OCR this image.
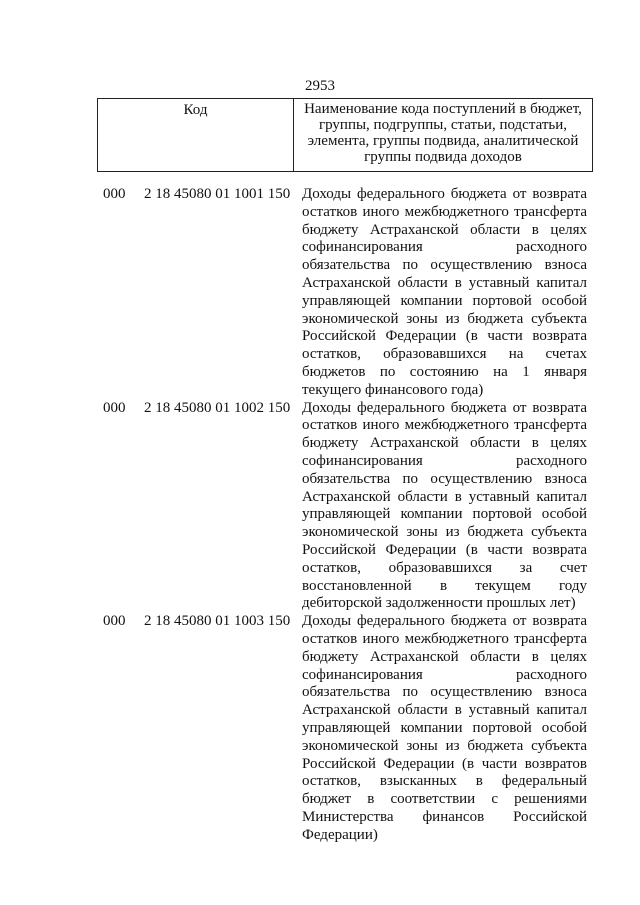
2953
Код	Наименование кода поступлений в бюджет, группы, подгруппы, статьи, подстатьи, элемента, группы подвида, аналитической группы подвида доходов
000 2 18 45080 01 1001 150 Доходы федерального бюджета от возврата остатков иного межбюджетного трансферта бюджету Астраханской области в целях софинансирования расходного обязательства по осуществлению взноса Астраханской области в уставный капитал управляющей компании портовой особой экономической зоны из бюджета субъекта Российской Федерации (в части возврата остатков, образовавшихся на счетах бюджетов по состоянию на 1 января текущего финансового года)
000 2 18 45080 01 1002 150 Доходы федерального бюджета от возврата остатков иного межбюджетного трансферта бюджету Астраханской области в целях софинансирования расходного обязательства по осуществлению взноса Астраханской области в уставный капитал управляющей компании портовой особой экономической зоны из бюджета субъекта Российской Федерации (в части возврата остатков, образовавшихся за счет восстановленной в текущем году дебиторской задолженности прошлых лет)
000 2 18 45080 01 1003 150 Доходы федерального бюджета от возврата остатков иного межбюджетного трансферта бюджету Астраханской области в целях софинансирования расходного обязательства по осуществлению взноса Астраханской области в уставный капитал управляющей компании портовой особой экономической зоны из бюджета субъекта Российской Федерации (в части возвратов остатков, взысканных в федеральный бюджет в соответствии с решениями Министерства финансов Российской Федерации)
